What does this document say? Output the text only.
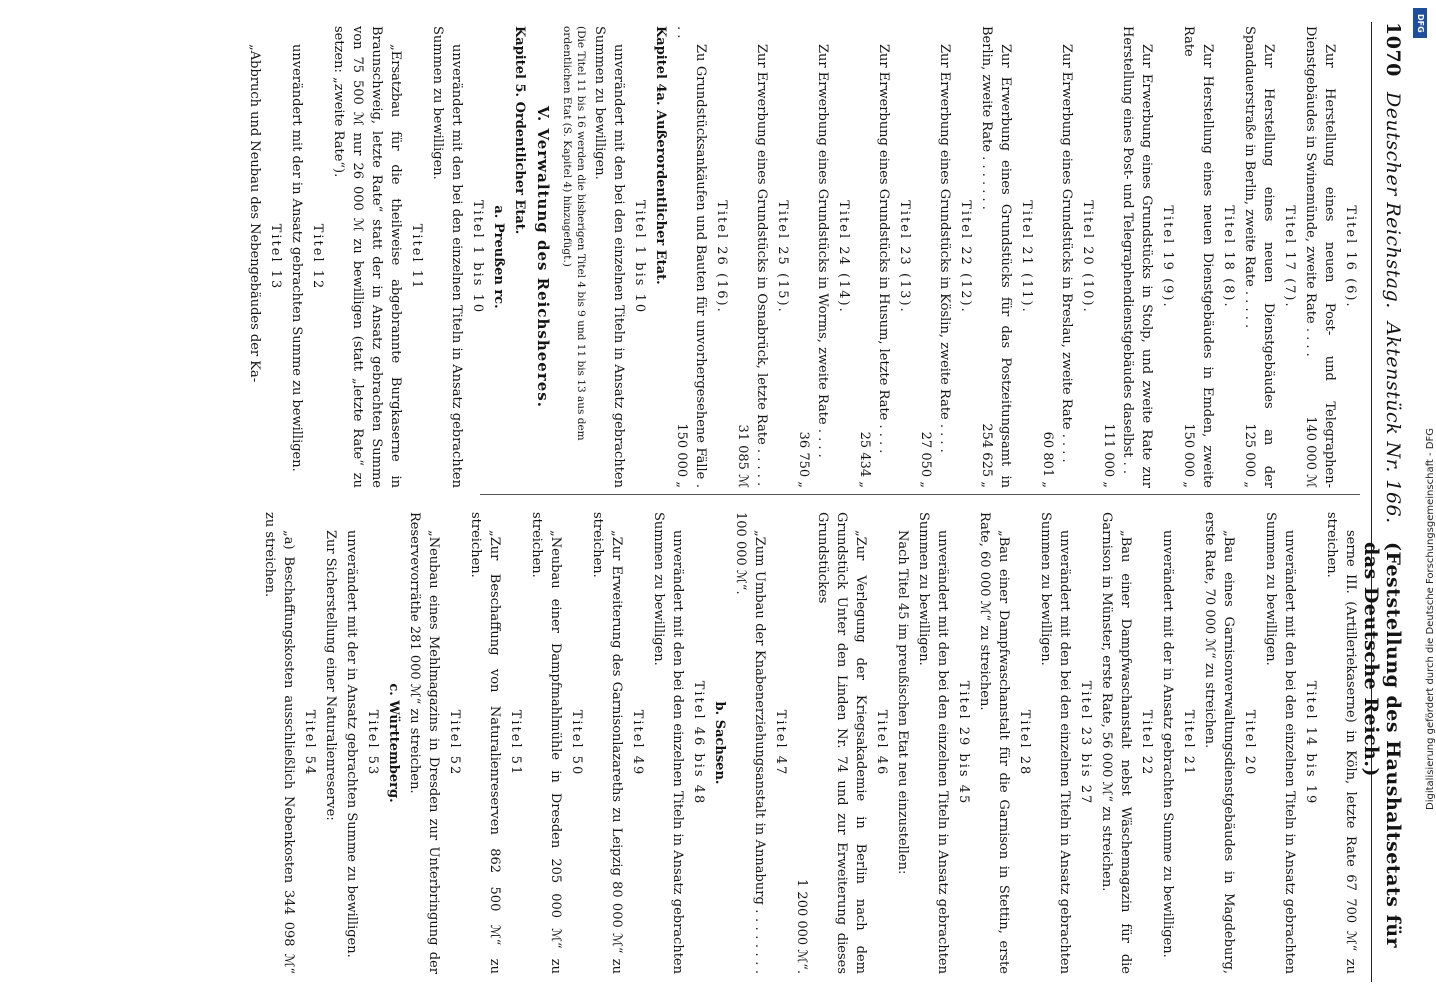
1070
Deutscher Reichstag.
Aktenstück Nr. 166.
(Feststellung des Haushaltsetats für das Deutsche Reich.)
Titel 16 (6).
Zur Herstellung eines neuen Post- und Telegraphen-Dienstgebäudes in Swinemünde, zweite Rate . . . .
140 000 ℳ
Titel 17 (7).
Zur Herstellung eines neuen Dienstgebäudes an der Spandauerstraße in Berlin, zweite Rate . . . . .
125 000 „
Titel 18 (8).
Zur Herstellung eines neuen Dienstgebäudes in Emden, zweite Rate
150 000 „
Titel 19 (9).
Zur Erwerbung eines Grundstücks in Stolp, und zweite Rate zur Herstellung eines Post- und Telegraphendienstgebäudes daselbst . .
111 000 „
Titel 20 (10).
Zur Erwerbung eines Grundstücks in Breslau, zweite Rate . . . .
60 801 „
Titel 21 (11).
Zur Erwerbung eines Grundstücks für das Postzeitungsamt in Berlin, zweite Rate . . . . . . .
254 625 „
Titel 22 (12).
Zur Erwerbung eines Grundstücks in Köslin, zweite Rate . . . .
27 050 „
Titel 23 (13).
Zur Erwerbung eines Grundstücks in Husum, letzte Rate . . . .
25 434 „
Titel 24 (14).
Zur Erwerbung eines Grundstücks in Worms, zweite Rate . . . .
36 750 „
Titel 25 (15).
Zur Erwerbung eines Grundstücks in Osnabrück, letzte Rate . . . . .
31 085 ℳ
Titel 26 (16).
Zu Grundstücksankäufen und Bauten für unvorhergesehene Fälle . . .
150 000 „
Kapitel 4a. Außerordentlicher Etat.
Titel 1 bis 10
unverändert mit den bei den einzelnen Titeln in Ansatz gebrachten Summen zu bewilligen.
(Die Titel 11 bis 16 werden die bisherigen Titel 4 bis 9 und 11 bis 13 aus dem ordentlichen Etat (S. Kapitel 4) hinzugefügt.)
V. Verwaltung des Reichsheeres.
Kapitel 5. Ordentlicher Etat.
a. Preußen rc.
Titel 1 bis 10
unverändert mit den bei den einzelnen Titeln in Ansatz gebrachten Summen zu bewilligen.
Titel 11
„Ersatzbau für die theilweise abgebrannte Burgkaserne in Braunschweig, letzte Rate“ statt der in Ansatz gebrachten Summe von 75 500 ℳ nur 26 000 ℳ zu bewilligen (statt „letzte Rate“ zu setzen: „zweite Rate“).
Titel 12
unverändert mit der in Ansatz gebrachten Summe zu bewilligen.
Titel 13
„Abbruch und Neubau des Nebengebäudes der Ka-
serne III. (Artilleriekaserne) in Köln, letzte Rate 67 700 ℳ“ zu streichen.
Titel 14 bis 19
unverändert mit den bei den einzelnen Titeln in Ansatz gebrachten Summen zu bewilligen.
Titel 20
„Bau eines Garnisonverwaltungsdienstgebäudes in Magdeburg, erste Rate, 70 000 ℳ“ zu streichen.
Titel 21
unverändert mit der in Ansatz gebrachten Summe zu bewilligen.
Titel 22
„Bau einer Dampfwaschanstalt nebst Wäschemagazin für die Garnison in Münster, erste Rate, 56 000 ℳ“ zu streichen.
Titel 23 bis 27
unverändert mit den bei den einzelnen Titeln in Ansatz gebrachten Summen zu bewilligen.
Titel 28
„Bau einer Dampfwaschanstalt für die Garnison in Stettin, erste Rate, 60 000 ℳ“ zu streichen.
Titel 29 bis 45
unverändert mit den bei den einzelnen Titeln in Ansatz gebrachten Summen zu bewilligen.
Nach Titel 45 im preußischen Etat neu einzustellen:
Titel 46
„Zur Verlegung der Kriegsakademie in Berlin nach dem Grundstück Unter den Linden Nr. 74 und zur Erweiterung dieses Grundstückes
1 200 000 ℳ“.
Titel 47
„Zum Umbau der Knabenerziehungsanstalt in Annaburg . . . . . . . . 100 000 ℳ“.
b. Sachsen.
Titel 46 bis 48
unverändert mit den bei den einzelnen Titeln in Ansatz gebrachten Summen zu bewilligen.
Titel 49
„Zur Erweiterung des Garnisonlazareths zu Leipzig 80 000 ℳ“ zu streichen.
Titel 50
„Neubau einer Dampfmahlmühle in Dresden 205 000 ℳ“ zu streichen.
Titel 51
„Zur Beschaffung von Naturalienreserven 862 500 ℳ“ zu streichen.
Titel 52
„Neubau eines Mehlmagazins in Dresden zur Unterbringung der Reservevorräthe 281 000 ℳ“ zu streichen.
c. Württemberg.
Titel 53
unverändert mit der in Ansatz gebrachten Summe zu bewilligen.
Zur Sicherstellung einer Naturalienreserve:
Titel 54
„a) Beschaffungskosten ausschließlich Nebenkosten 344 098 ℳ“ zu streichen.
DFG
Digitalisierung gefördert durch die Deutsche Forschungsgemeinschaft - DFG
